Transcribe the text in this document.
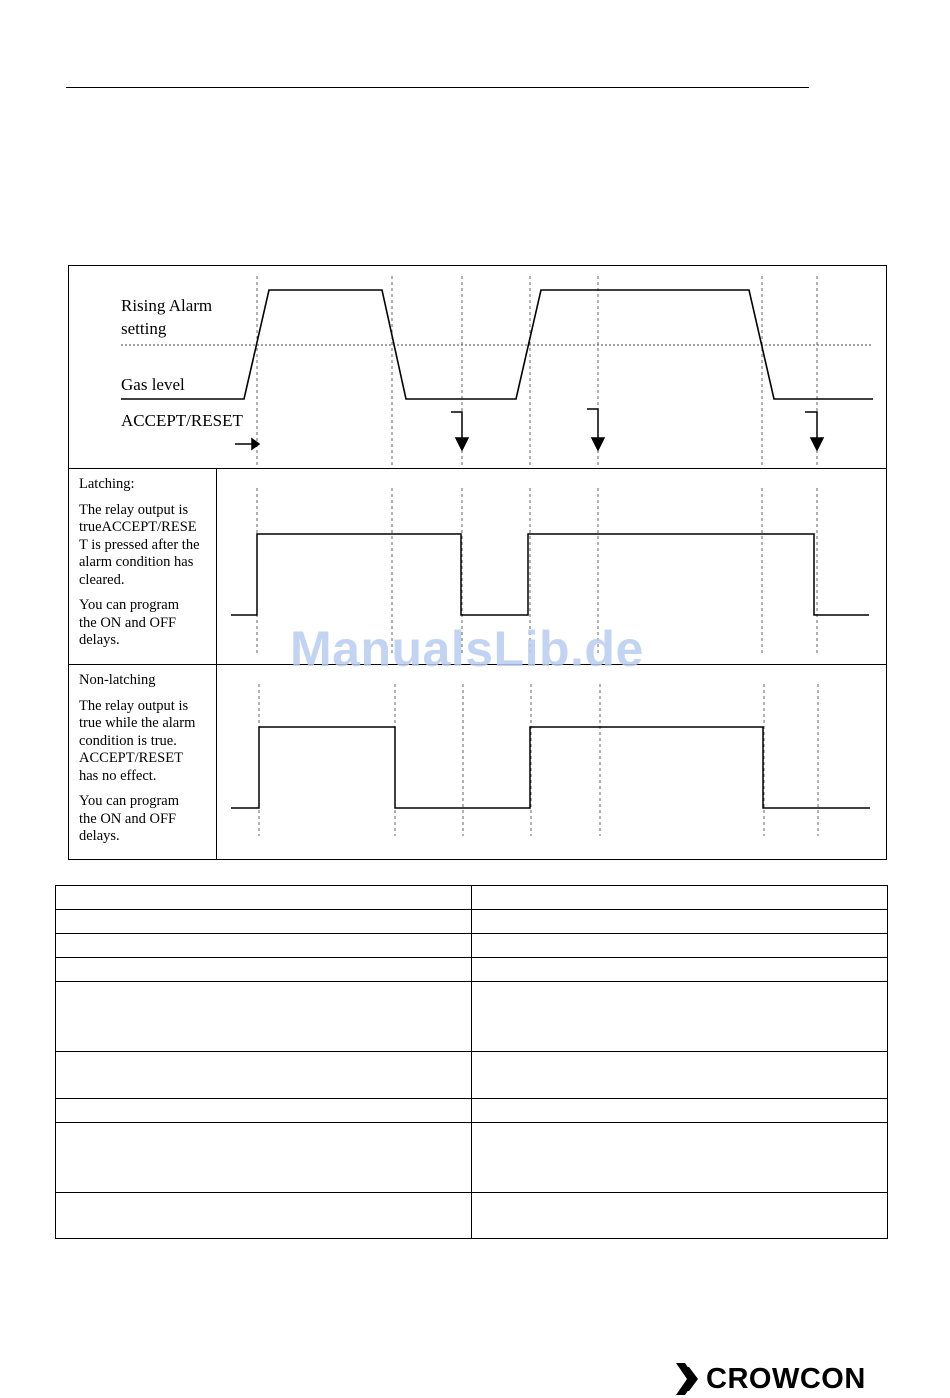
Rising Alarm
setting
Gas level
ACCEPT/RESET

Latching:

The relay output is
trueACCEPT/RESE
T is pressed after the
alarm condition has
cleared.

You can program
the ON and OFF
delays.

Non-latching

The relay output is
true while the alarm
condition is true.
ACCEPT/RESET
has no effect.

You can program
the ON and OFF
delays.

ManualsLib.de

CROWCON
